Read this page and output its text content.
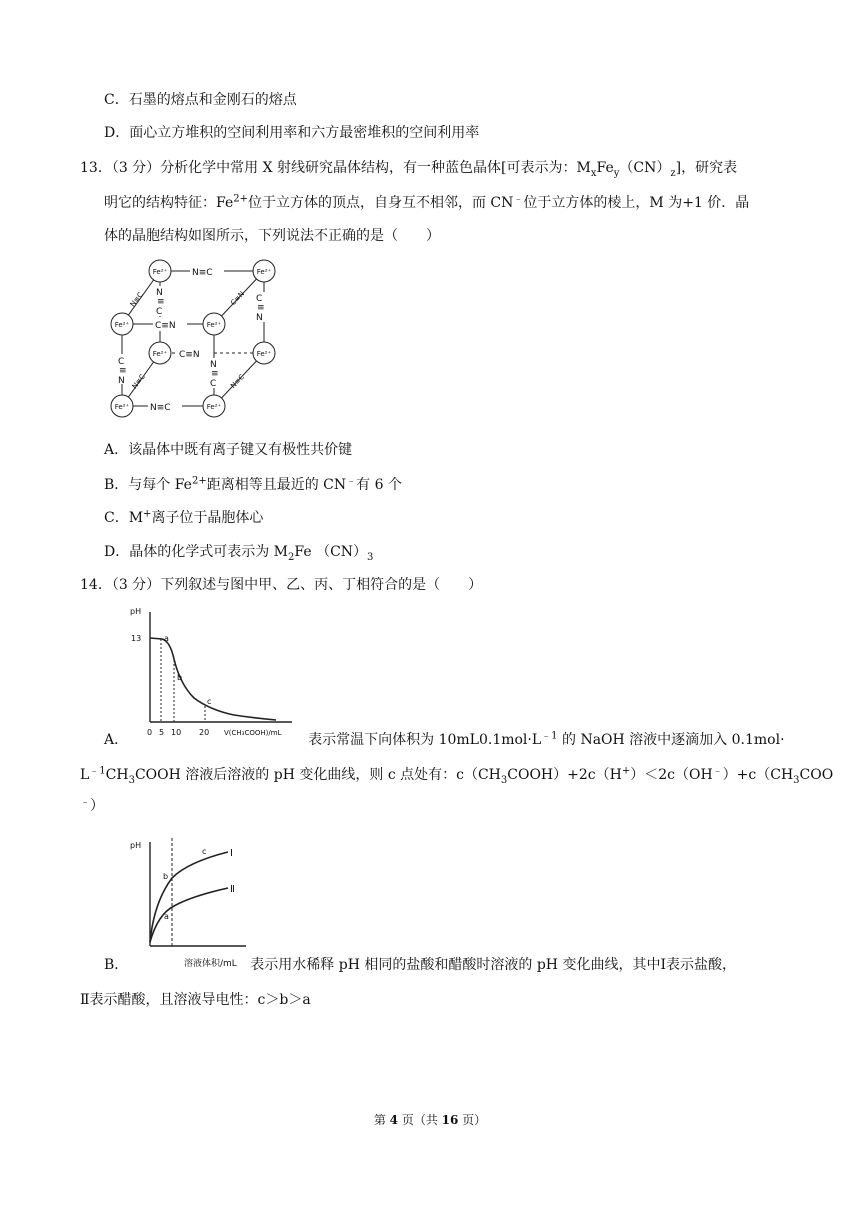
C．石墨的熔点和金刚石的熔点
D．面心立方堆积的空间利用率和六方最密堆积的空间利用率
13．（3 分）分析化学中常用 X 射线研究晶体结构，有一种蓝色晶体[可表示为：$M_xFe_y(CN)_z$]，研究表
明它的结构特征：$Fe^{2+}$位于立方体的顶点，自身互不相邻，而 CN﹣位于立方体的棱上，M 为+1 价．晶
体的晶胞结构如图所示，下列说法不正确的是（　　）
N≡C
N≡C
C≡N
C≡N
C
≡
N
C
≡
N
N
≡
C
N
≡
C
N≡C	C≡N
N≡C	N≡C
Fe²⁺	Fe²⁺
Fe²⁺	Fe²⁺
Fe²⁺	Fe²⁺
Fe²⁺	Fe²⁺
A．该晶体中既有离子键又有极性共价键
B．与每个 $Fe^{2+}$距离相等且最近的 CN﹣有 6 个
C．M+离子位于晶胞体心
D．晶体的化学式可表示为 $M_2Fe$ $(CN)_3$
14．（3 分）下列叙述与图中甲、乙、丙、丁相符合的是（　　）
pH
13	a
b
c
0 5 10 20 V(CH₃COOH)/mL
A．	表示常温下向体积为 $10mL0.1mol\cdot L^{﹣1}$ 的 NaOH 溶液中逐滴加入 0.1mol·
$L^{﹣1}CH_3COOH$ 溶液后溶液的 pH 变化曲线，则 c 点处有：$c(CH_3COOH)+2c(H^+)<2c(OH^﹣)+c(CH_3COO$
﹣）
pH
a
b
c Ⅰ
Ⅱ
溶液体积/mL
B．	表示用水稀释 pH 相同的盐酸和醋酸时溶液的 pH 变化曲线，其中Ⅰ表示盐酸，
Ⅱ表示醋酸，且溶液导电性：c＞b＞a
第 4 页（共 16 页）
